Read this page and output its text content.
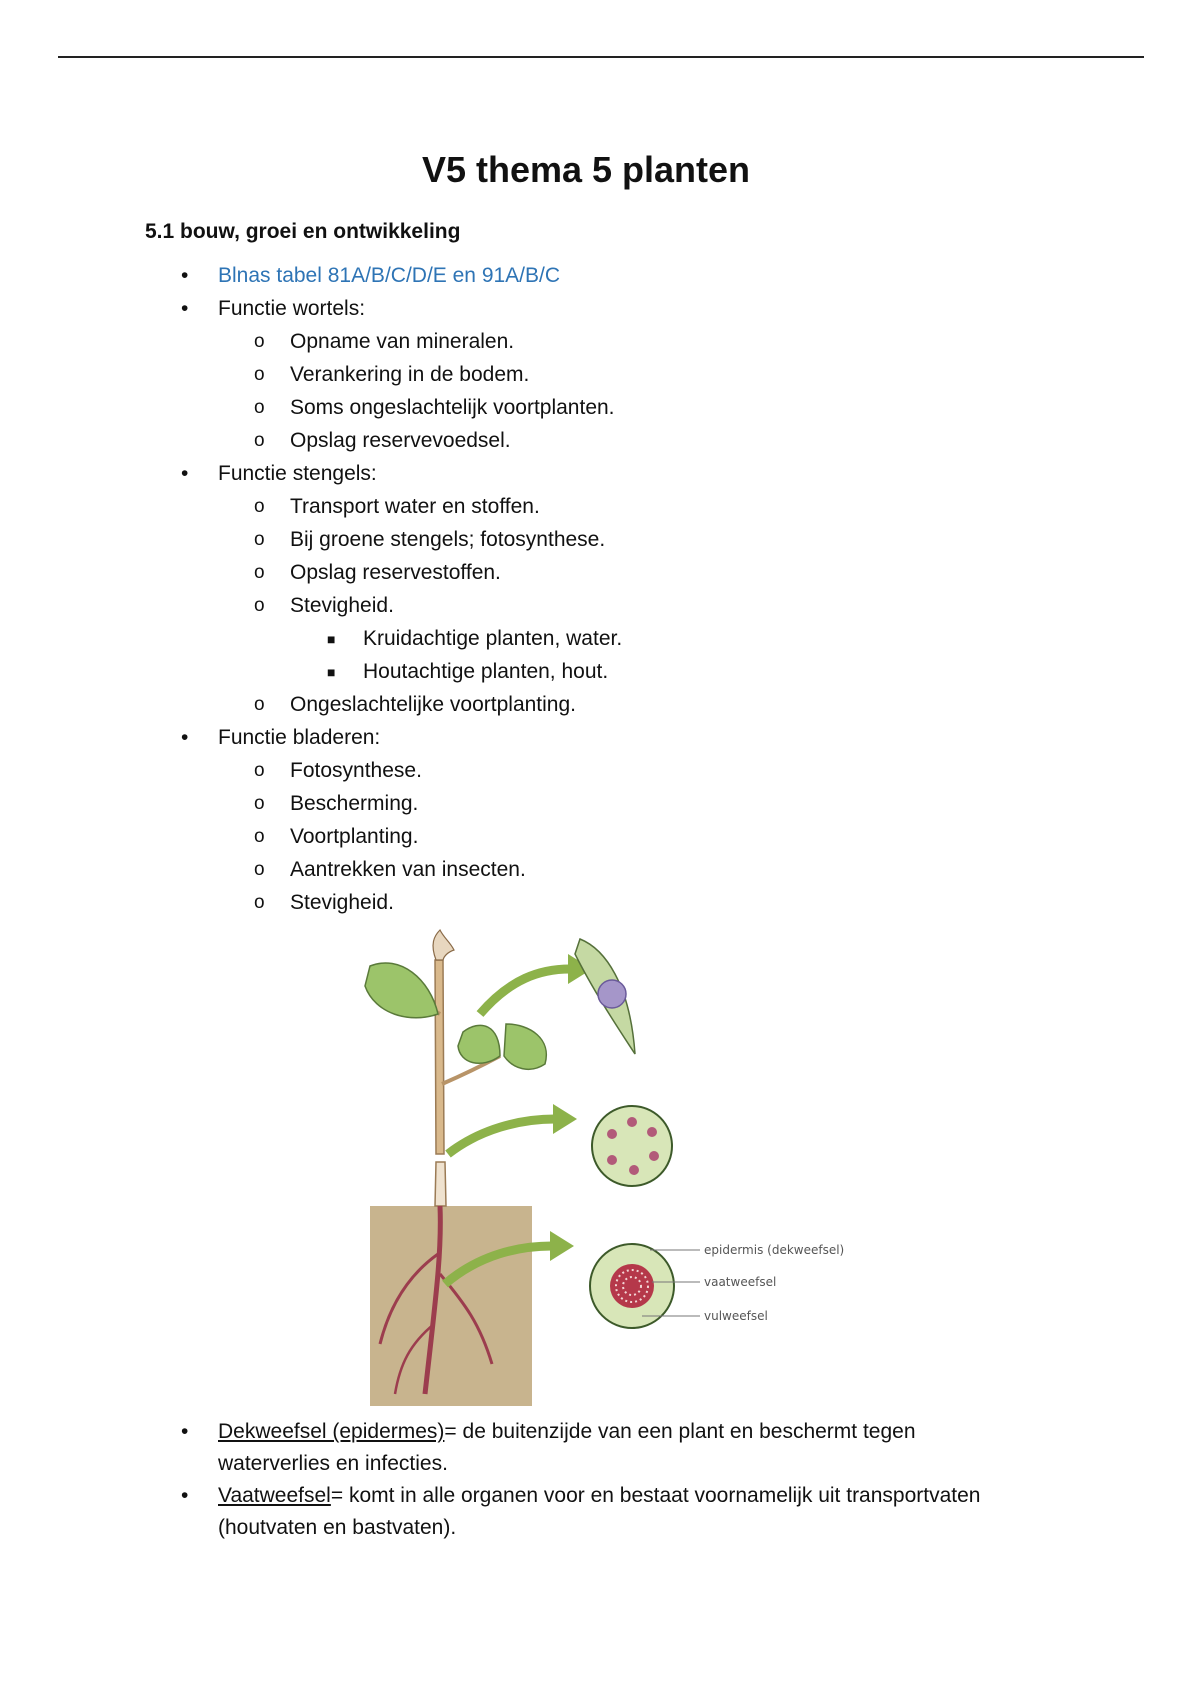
V5 thema 5 planten
5.1 bouw, groei en ontwikkeling
• Blnas tabel 81A/B/C/D/E en 91A/B/C
• Functie wortels:
o Opname van mineralen.
o Verankering in de bodem.
o Soms ongeslachtelijk voortplanten.
o Opslag reservevoedsel.
• Functie stengels:
o Transport water en stoffen.
o Bij groene stengels; fotosynthese.
o Opslag reservestoffen.
o Stevigheid.
■ Kruidachtige planten, water.
■ Houtachtige planten, hout.
o Ongeslachtelijke voortplanting.
• Functie bladeren:
o Fotosynthese.
o Bescherming.
o Voortplanting.
o Aantrekken van insecten.
o Stevigheid.
epidermis (dekweefsel)
vaatweefsel
vulweefsel
• Dekweefsel (epidermes)= de buitenzijde van een plant en beschermt tegen
waterverlies en infecties.
• Vaatweefsel= komt in alle organen voor en bestaat voornamelijk uit transportvaten
(houtvaten en bastvaten).
